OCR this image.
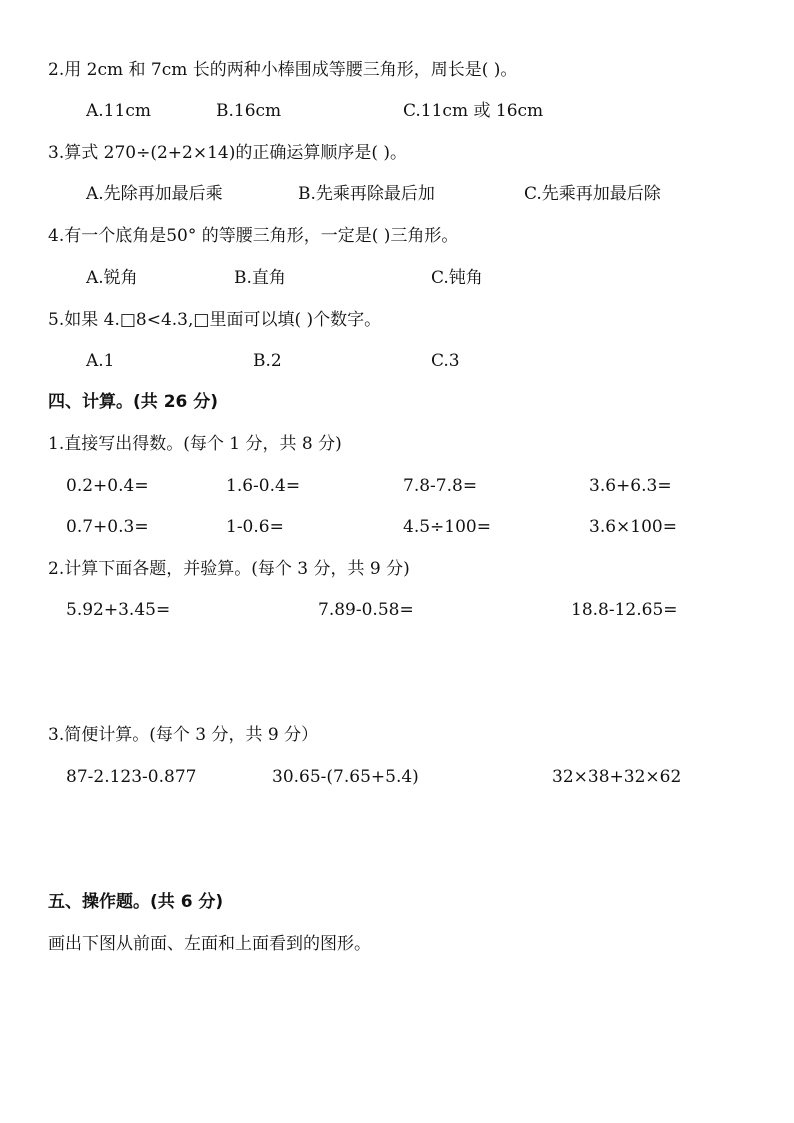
2.用 2cm 和 7cm 长的两种小棒围成等腰三角形，周长是( )。
A.11cm	B.16cm	C.11cm 或 16cm
3.算式 270÷(2+2×14)的正确运算顺序是( )。
A.先除再加最后乘	B.先乘再除最后加	C.先乘再加最后除
4.有一个底角是50° 的等腰三角形，一定是( )三角形。
A.锐角	B.直角	C.钝角
5.如果 4.□8<4.3,□里面可以填( )个数字。
A.1	B.2	C.3
四、计算。(共 26 分)
1.直接写出得数。(每个 1 分，共 8 分)
0.2+0.4=	1.6-0.4=	7.8-7.8=	3.6+6.3=
0.7+0.3=	1-0.6=	4.5÷100=	3.6×100=
2.计算下面各题，并验算。(每个 3 分，共 9 分)
5.92+3.45=	7.89-0.58=	18.8-12.65=
3.简便计算。(每个 3 分，共 9 分）
87-2.123-0.877	30.65-(7.65+5.4)	32×38+32×62
五、操作题。(共 6 分)
画出下图从前面、左面和上面看到的图形。
